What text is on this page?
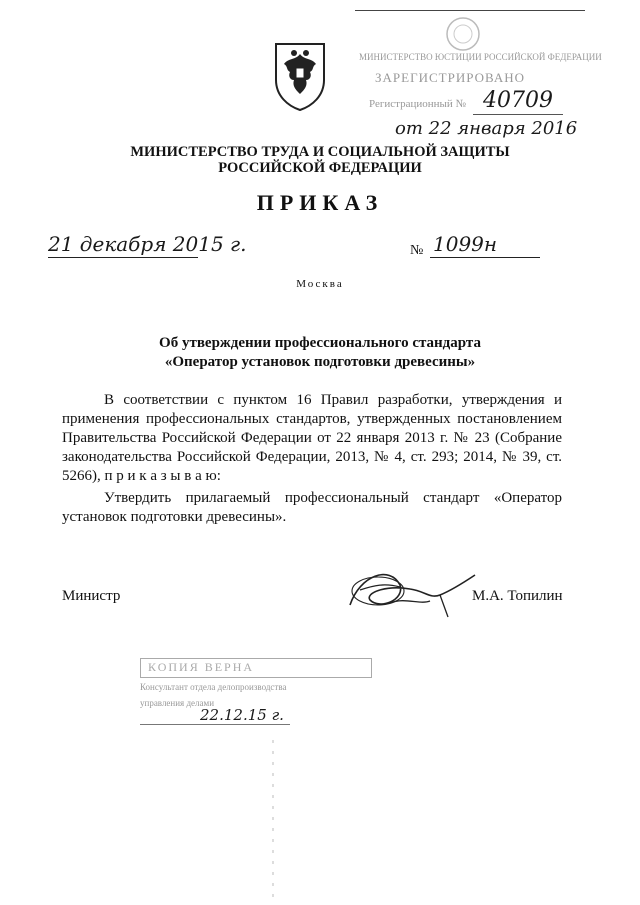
МИНИСТЕРСТВО ЮСТИЦИИ РОССИЙСКОЙ ФЕДЕРАЦИИ
ЗАРЕГИСТРИРОВАНО
Регистрационный № 40709
от 22 января 2016
МИНИСТЕРСТВО ТРУДА И СОЦИАЛЬНОЙ ЗАЩИТЫ
РОССИЙСКОЙ ФЕДЕРАЦИИ
ПРИКАЗ
21 декабря 2015 г.	№ 1099н
Москва
Об утверждении профессионального стандарта
«Оператор установок подготовки древесины»
В соответствии с пунктом 16 Правил разработки, утверждения и применения профессиональных стандартов, утвержденных постановлением Правительства Российской Федерации от 22 января 2013 г. № 23 (Собрание законодательства Российской Федерации, 2013, № 4, ст. 293; 2014, № 39, ст. 5266), п р и к а з ы в а ю:
Утвердить прилагаемый профессиональный стандарт «Оператор установок подготовки древесины».
Министр	М.А. Топилин
КОПИЯ ВЕРНА
Консультант отдела делопроизводства
управления делами
22.12.15 г.
